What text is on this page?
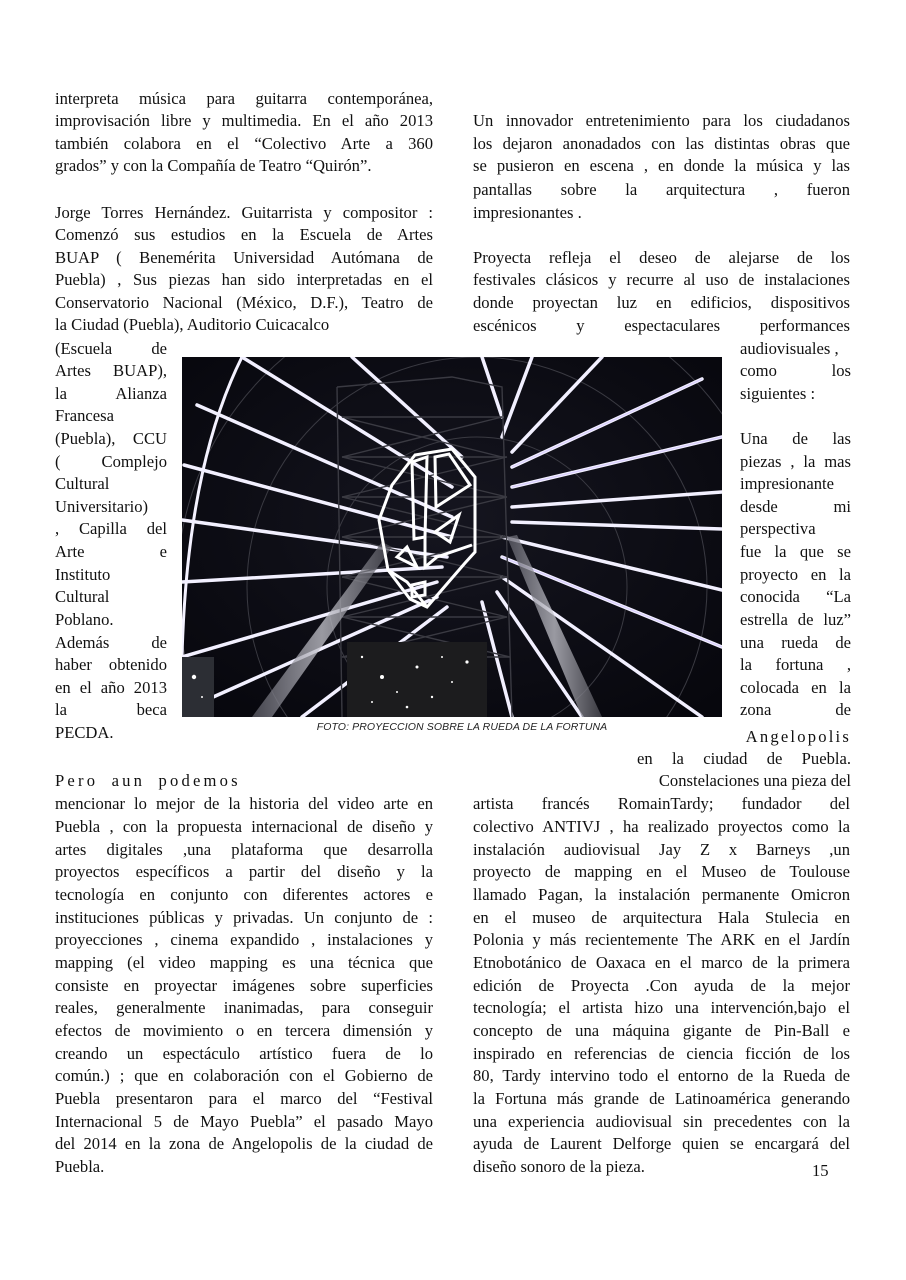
interpreta música para guitarra contemporánea,
improvisación libre y multimedia. En el año 2013
también colabora en el “Colectivo Arte a 360
grados” y con la Compañía de Teatro “Quirón”.
Jorge Torres Hernández. Guitarrista y compositor :
Comenzó sus estudios en la Escuela de Artes
BUAP ( Benemérita Universidad Autómana de
Puebla) , Sus piezas han sido interpretadas en el
Conservatorio Nacional (México, D.F.), Teatro de
la Ciudad (Puebla), Auditorio Cuicacalco
(Escuela de
Artes BUAP),
la Alianza
Francesa
(Puebla), CCU
( Complejo
Cultural
Universitario)
, Capilla del
Arte e
Instituto
Cultural
Poblano.
Además de
haber obtenido
en el año 2013
la beca
PECDA.
Pero aun podemos
mencionar lo mejor de la historia del video arte en
Puebla , con la propuesta internacional de diseño y
artes digitales ,una plataforma que desarrolla
proyectos específicos a partir del diseño y la
tecnología en conjunto con diferentes actores e
instituciones públicas y privadas. Un conjunto de :
proyecciones , cinema expandido , instalaciones y
mapping (el video mapping es una técnica que
consiste en proyectar imágenes sobre superficies
reales, generalmente inanimadas, para conseguir
efectos de movimiento o en tercera dimensión y
creando un espectáculo artístico fuera de lo
común.) ; que en colaboración con el Gobierno de
Puebla presentaron para el marco del “Festival
Internacional 5 de Mayo Puebla” el pasado Mayo
del 2014 en la zona de Angelopolis de la ciudad de
Puebla.
Un innovador entretenimiento para los ciudadanos
los dejaron anonadados con las distintas obras que
se pusieron en escena , en donde la música y las
pantallas sobre la arquitectura , fueron
impresionantes .
Proyecta refleja el deseo de alejarse de los
festivales clásicos y recurre al uso de instalaciones
donde proyectan luz en edificios, dispositivos
escénicos y espectaculares performances
audiovisuales ,
como los
siguientes :
Una de las
piezas , la mas
impresionante
desde mi
perspectiva
fue la que se
proyecto en la
conocida “La
estrella de luz”
una rueda de
la fortuna ,
colocada en la
zona de
Angelopolis
en la ciudad de Puebla.
Constelaciones una pieza del
artista francés RomainTardy; fundador del
colectivo ANTIVJ , ha realizado proyectos como la
instalación audiovisual Jay Z x Barneys ,un
proyecto de mapping en el Museo de Toulouse
llamado Pagan, la instalación permanente Omicron
en el museo de arquitectura Hala Stulecia en
Polonia y más recientemente The ARK en el Jardín
Etnobotánico de Oaxaca en el marco de la primera
edición de Proyecta .Con ayuda de la mejor
tecnología; el artista hizo una intervención,bajo el
concepto de una máquina gigante de Pin-Ball e
inspirado en referencias de ciencia ficción de los
80, Tardy intervino todo el entorno de la Rueda de
la Fortuna más grande de Latinoamérica generando
una experiencia audiovisual sin precedentes con la
ayuda de Laurent Delforge quien se encargará del
diseño sonoro de la pieza.
FOTO: PROYECCION SOBRE LA RUEDA DE LA FORTUNA
15
